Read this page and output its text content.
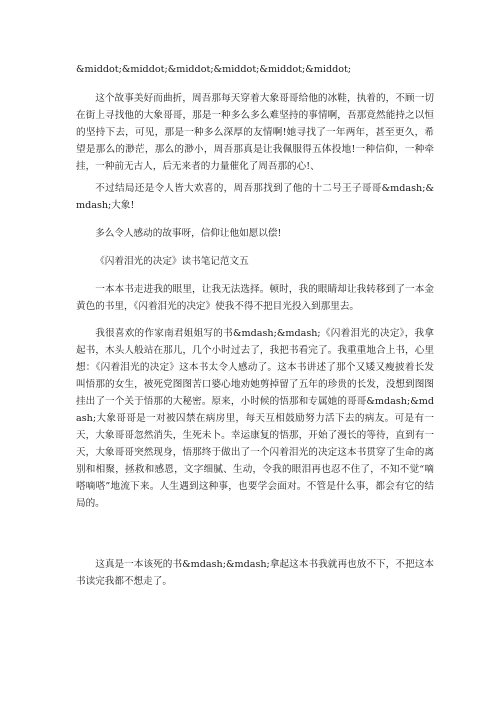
&middot;&middot;&middot;&middot;&middot;&middot;

这个故事美好而曲折，周吾那每天穿着大象哥哥给他的冰鞋，执着的，不顾一切在街上寻找他的大象哥哥，那是一种多么多么难坚持的事情啊，吾那竟然能持之以恒的坚持下去，可见，那是一种多么深厚的友情啊!她寻找了一年两年，甚至更久，希望是那么的渺茫，那么的渺小，周吾那真是让我佩服得五体投地!一种信仰，一种牵挂，一种前无古人，后无来者的力量催化了周吾那的心!、

不过结局还是令人皆大欢喜的，周吾那找到了他的十二号王子哥哥&mdash;&mdash;大象!

多么令人感动的故事呀，信仰让他如愿以偿!

《闪着泪光的决定》读书笔记范文五

一本本书走进我的眼里，让我无法选择。顿时，我的眼睛却让我转移到了一本金黄色的书里，《闪着泪光的决定》使我不得不把目光投入到那里去。

我很喜欢的作家南君姐姐写的书&mdash;&mdash;《闪着泪光的决定》，我拿起书，木头人般站在那儿，几个小时过去了，我把书看完了。我重重地合上书，心里想：《闪着泪光的决定》这本书太令人感动了。这本书讲述了那个又矮又瘦披着长发叫悟那的女生，被死党图图苦口婆心地劝她剪掉留了五年的珍贵的长发，没想到图图挂出了一个关于悟那的大秘密。原来，小时候的悟那和专属她的哥哥&mdash;&mdash;大象哥哥是一对被囚禁在病房里，每天互相鼓励努力活下去的病友。可是有一天，大象哥哥忽然消失，生死未卜。幸运康复的悟那，开始了漫长的等待，直到有一天，大象哥哥突然现身，悟那终于做出了一个闪着泪光的决定这本书贯穿了生命的离别和相聚，拯救和感恩，文字细腻、生动，令我的眼泪再也忍不住了，不知不觉“嘀嗒嘀嗒”地流下来。人生遇到这种事，也要学会面对。不管是什么事，都会有它的结局的。

这真是一本该死的书&mdash;&mdash;拿起这本书我就再也放不下，不把这本书读完我都不想走了。
